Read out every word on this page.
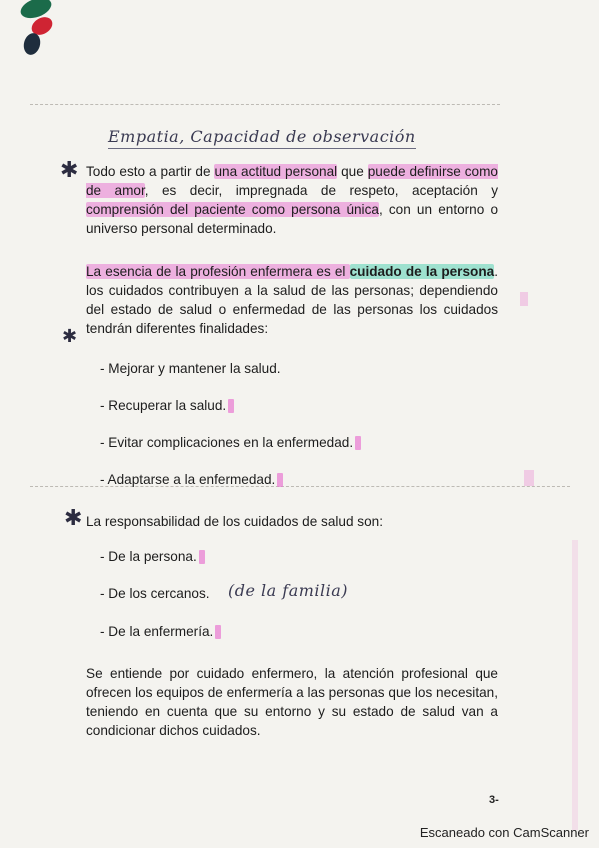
Empatia, Capacidad de observación
✱ Todo esto a partir de una actitud personal que puede definirse como de amor, es decir, impregnada de respeto, aceptación y comprensión del paciente como persona única, con un entorno o universo personal determinado.
La esencia de la profesión enfermera es el cuidado de la persona. los cuidados contribuyen a la salud de las personas; dependiendo del estado de salud o enfermedad de las personas los cuidados tendrán diferentes finalidades:
✱
- Mejorar y mantener la salud.
- Recuperar la salud.
- Evitar complicaciones en la enfermedad.
- Adaptarse a la enfermedad.
✱ La responsabilidad de los cuidados de salud son:
- De la persona.
- De los cercanos. (de la familia)
- De la enfermería.
Se entiende por cuidado enfermero, la atención profesional que ofrecen los equipos de enfermería a las personas que los necesitan, teniendo en cuenta que su entorno y su estado de salud van a condicionar dichos cuidados.
3-
Escaneado con CamScanner
